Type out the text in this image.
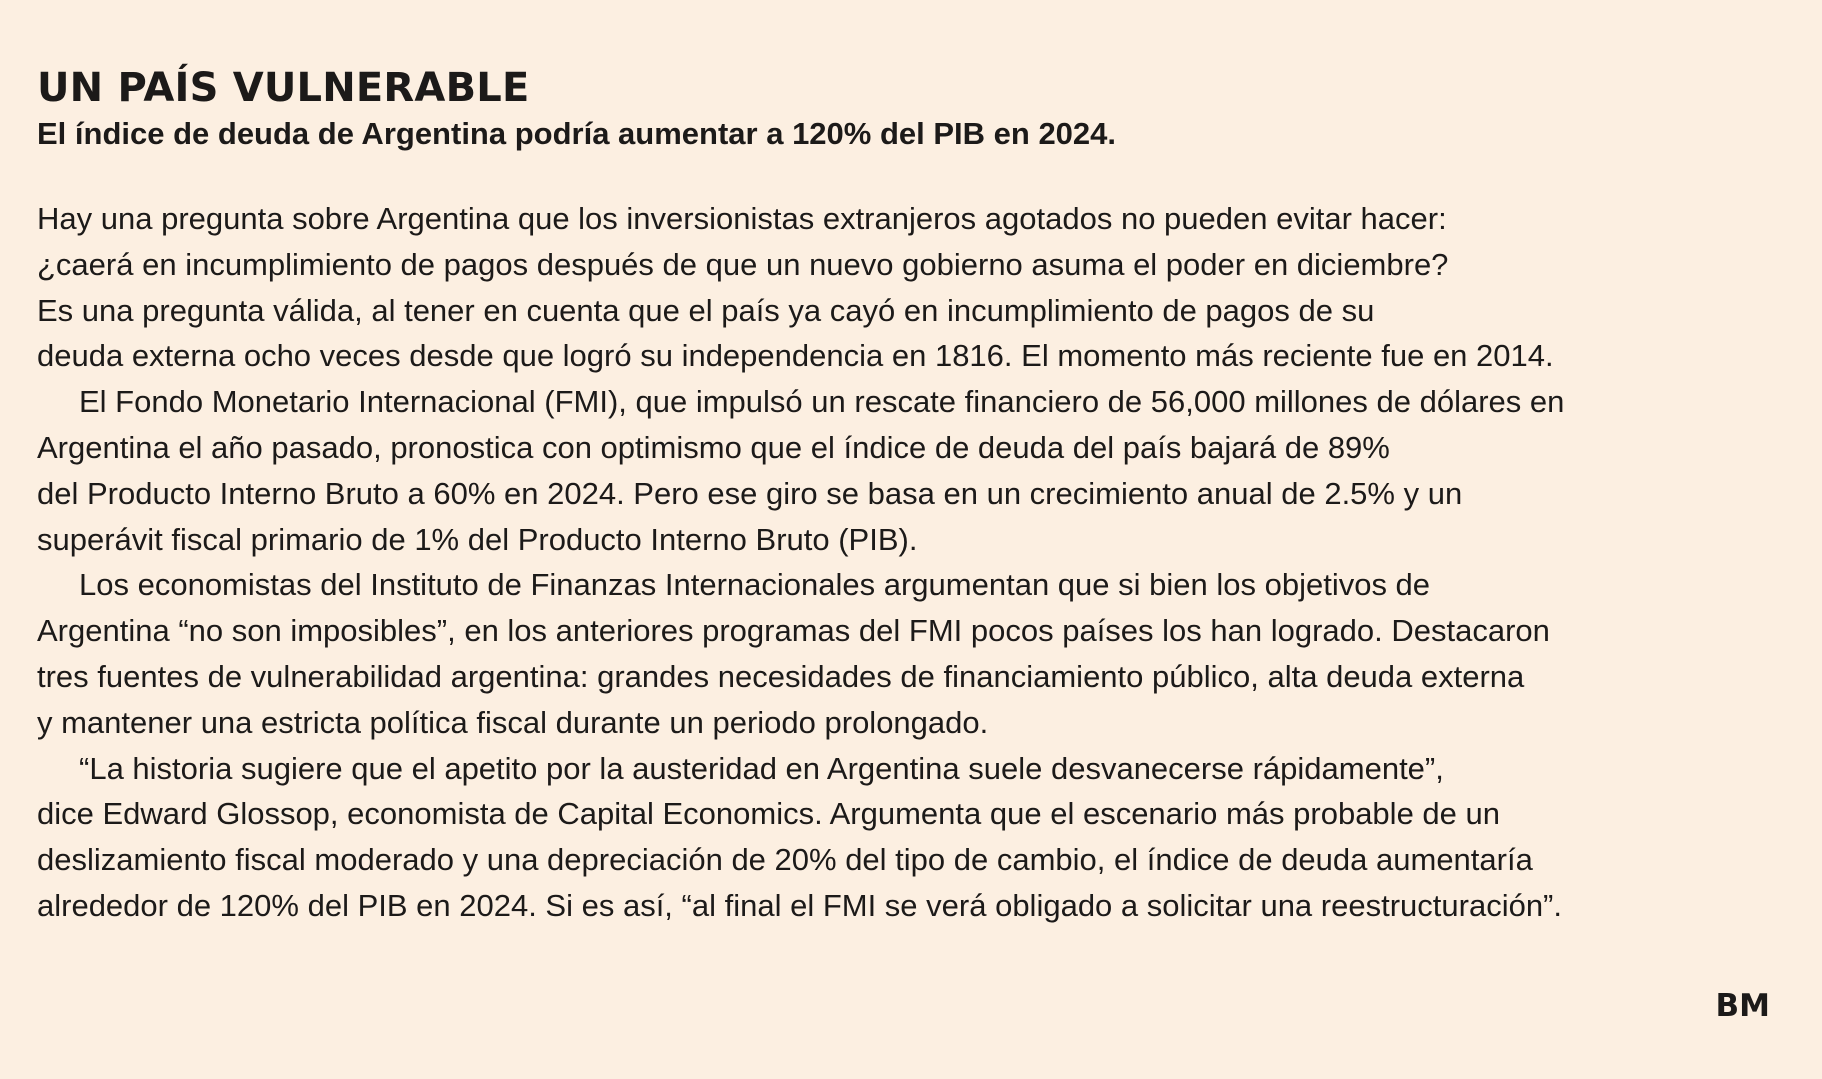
UN PAÍS VULNERABLE
El índice de deuda de Argentina podría aumentar a 120% del PIB en 2024.
Hay una pregunta sobre Argentina que los inversionistas extranjeros agotados no pueden evitar hacer:
¿caerá en incumplimiento de pagos después de que un nuevo gobierno asuma el poder en diciembre?
Es una pregunta válida, al tener en cuenta que el país ya cayó en incumplimiento de pagos de su
deuda externa ocho veces desde que logró su independencia en 1816. El momento más reciente fue en 2014.
El Fondo Monetario Internacional (FMI), que impulsó un rescate financiero de 56,000 millones de dólares en
Argentina el año pasado, pronostica con optimismo que el índice de deuda del país bajará de 89%
del Producto Interno Bruto a 60% en 2024. Pero ese giro se basa en un crecimiento anual de 2.5% y un
superávit fiscal primario de 1% del Producto Interno Bruto (PIB).
Los economistas del Instituto de Finanzas Internacionales argumentan que si bien los objetivos de
Argentina “no son imposibles”, en los anteriores programas del FMI pocos países los han logrado. Destacaron
tres fuentes de vulnerabilidad argentina: grandes necesidades de financiamiento público, alta deuda externa
y mantener una estricta política fiscal durante un periodo prolongado.
“La historia sugiere que el apetito por la austeridad en Argentina suele desvanecerse rápidamente”,
dice Edward Glossop, economista de Capital Economics. Argumenta que el escenario más probable de un
deslizamiento fiscal moderado y una depreciación de 20% del tipo de cambio, el índice de deuda aumentaría
alrededor de 120% del PIB en 2024. Si es así, “al final el FMI se verá obligado a solicitar una reestructuración”.
BM
